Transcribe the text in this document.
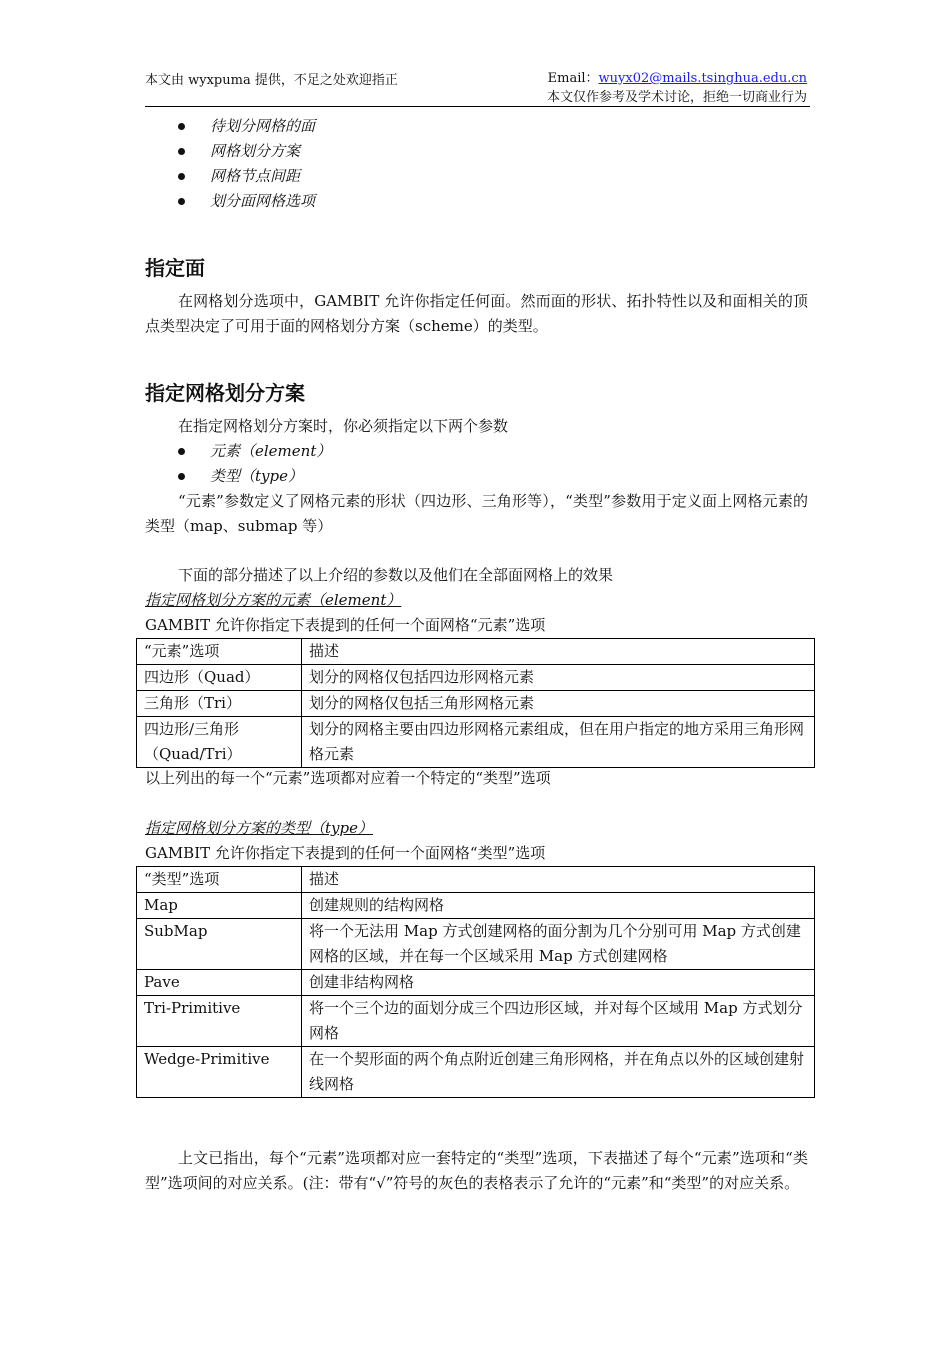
本文由 wyxpuma 提供，不足之处欢迎指正	Email：wuyx02@mails.tsinghua.edu.cn
本文仅作参考及学术讨论，拒绝一切商业行为
待划分网格的面
网格划分方案
网格节点间距
划分面网格选项
指定面

在网格划分选项中，GAMBIT 允许你指定任何面。然而面的形状、拓扑特性以及和面相关的顶点类型决定了可用于面的网格划分方案（scheme）的类型。

指定网格划分方案

在指定网格划分方案时，你必须指定以下两个参数

元素（element）
类型（type）

“元素”参数定义了网格元素的形状（四边形、三角形等），“类型”参数用于定义面上网格元素的类型（map、submap 等）

下面的部分描述了以上介绍的参数以及他们在全部面网格上的效果

指定网格划分方案的元素（element）
GAMBIT 允许你指定下表提到的任何一个面网格“元素”选项
“元素”选项	描述
四边形（Quad）	划分的网格仅包括四边形网格元素
三角形（Tri）	划分的网格仅包括三角形网格元素
四边形/三角形（Quad/Tri）	划分的网格主要由四边形网格元素组成，但在用户指定的地方采用三角形网格元素
以上列出的每一个“元素”选项都对应着一个特定的“类型”选项
指定网格划分方案的类型（type）
GAMBIT 允许你指定下表提到的任何一个面网格“类型”选项
“类型”选项	描述
Map	创建规则的结构网格
SubMap	将一个无法用 Map 方式创建网格的面分割为几个分别可用 Map 方式创建网格的区域，并在每一个区域采用 Map 方式创建网格
Pave	创建非结构网格
Tri-Primitive	将一个三个边的面划分成三个四边形区域，并对每个区域用 Map 方式划分网格
Wedge-Primitive	在一个契形面的两个角点附近创建三角形网格，并在角点以外的区域创建射线网格

上文已指出，每个“元素”选项都对应一套特定的“类型”选项，下表描述了每个“元素”选项和“类型”选项间的对应关系。(注：带有“√”符号的灰色的表格表示了允许的“元素”和“类型”的对应关系。
